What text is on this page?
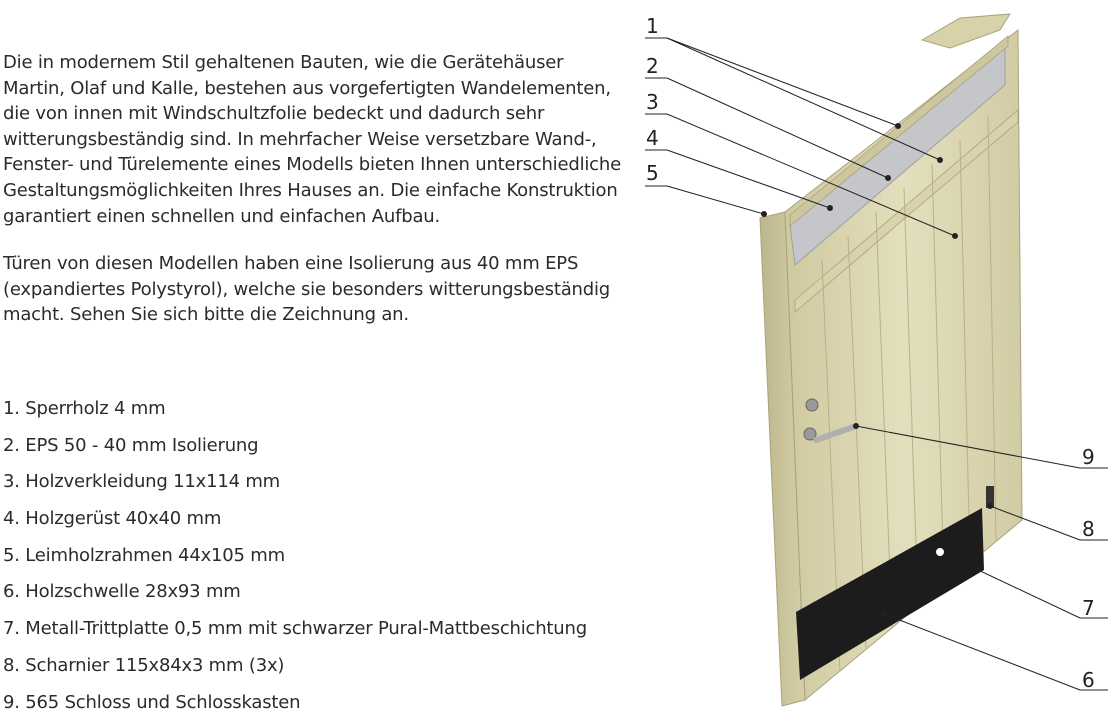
Die in modernem Stil gehaltenen Bauten, wie die Gerätehäuser Martin, Olaf und Kalle, bestehen aus vorgefertigten Wandelementen, die von innen mit Windschultzfolie bedeckt und dadurch sehr witterungsbeständig sind. In mehrfacher Weise versetzbare Wand-, Fenster- und Türelemente eines Modells bieten Ihnen unterschiedliche Gestaltungsmöglichkeiten Ihres Hauses an. Die einfache Konstruktion garantiert einen schnellen und einfachen Aufbau.

Türen von diesen Modellen haben eine Isolierung aus 40 mm EPS (expandiertes Polystyrol), welche sie besonders witterungsbeständig macht. Sehen Sie sich bitte die Zeichnung an.

1. Sperrholz 4 mm
2. EPS 50 - 40 mm Isolierung
3. Holzverkleidung 11x114 mm
4. Holzgerüst 40x40 mm
5. Leimholzrahmen 44x105 mm
6. Holzschwelle 28x93 mm
7. Metall-Trittplatte 0,5 mm mit schwarzer Pural-Mattbeschichtung
8. Scharnier 115x84x3 mm (3x)
9. 565 Schloss und Schlosskasten
1
2
3
4
5
6
7
8
9
